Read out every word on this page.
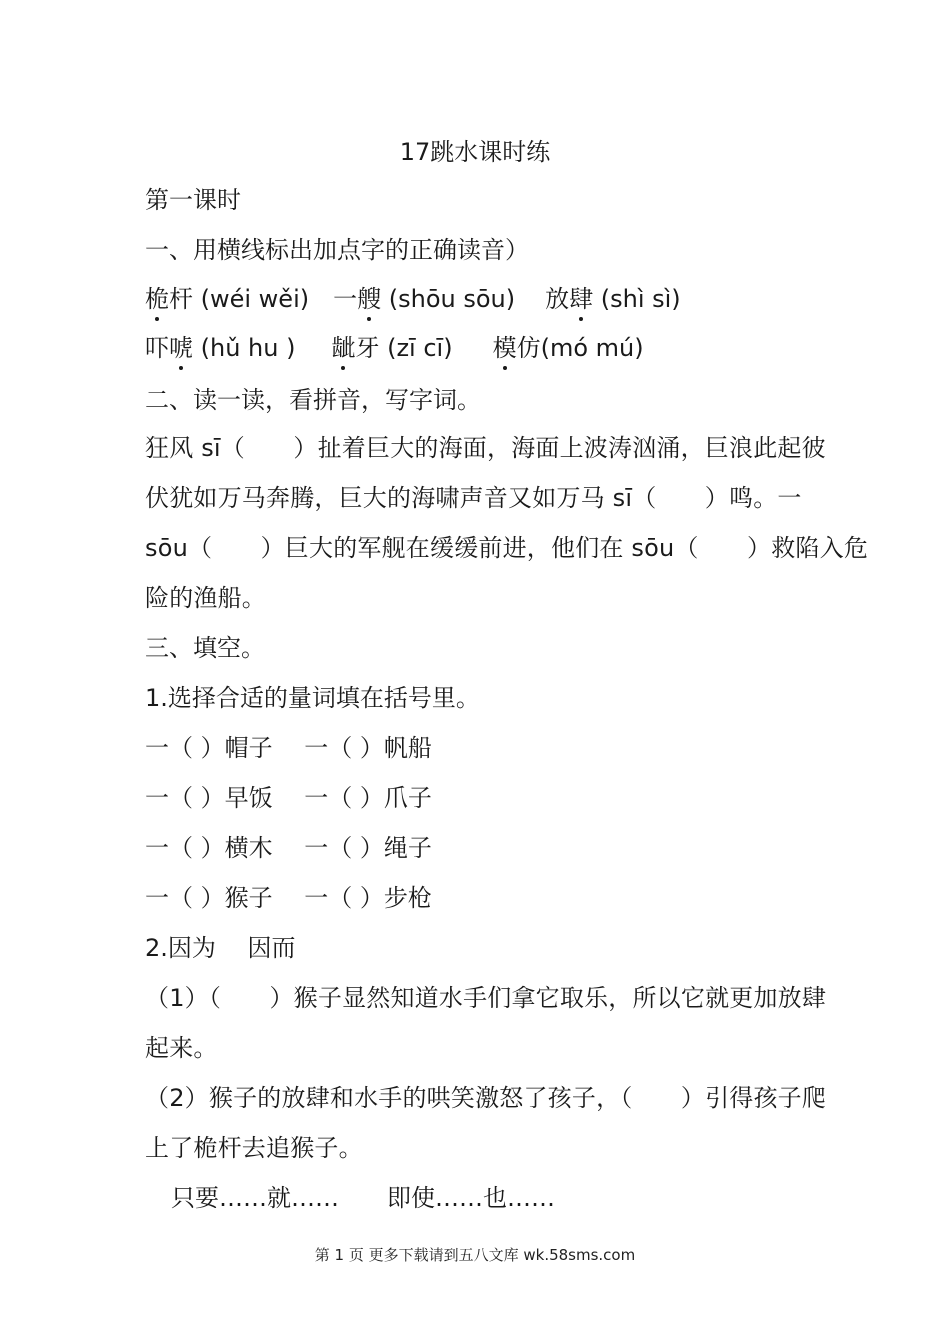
17跳水课时练
第一课时
一、用横线标出加点字的正确读音）
桅杆 (wéi wěi) 一艘 (shōu sōu) 放肆 (shì sì)
吓唬 (hǔ hu ) 龇牙 (zī cī) 模仿(mó mú)
二、读一读，看拼音，写字词。
狂风 sī（　　）扯着巨大的海面，海面上波涛汹涌，巨浪此起彼
伏犹如万马奔腾，巨大的海啸声音又如万马 sī（　　）鸣。一
sōu（　　）巨大的军舰在缓缓前进，他们在 sōu（　　）救陷入危
险的渔船。
三、填空。
1.选择合适的量词填在括号里。
一（ ）帽子　 一（ ）帆船
一（ ）早饭　 一（ ）爪子
一（ ）横木　 一（ ）绳子
一（ ）猴子　 一（ ）步枪
2.因为　 因而
（1）（　　）猴子显然知道水手们拿它取乐，所以它就更加放肆
起来。
（2）猴子的放肆和水手的哄笑激怒了孩子，（　　）引得孩子爬
上了桅杆去追猴子。
只要……就……　　即使……也……
第 1 页 更多下载请到五八文库 wk.58sms.com
